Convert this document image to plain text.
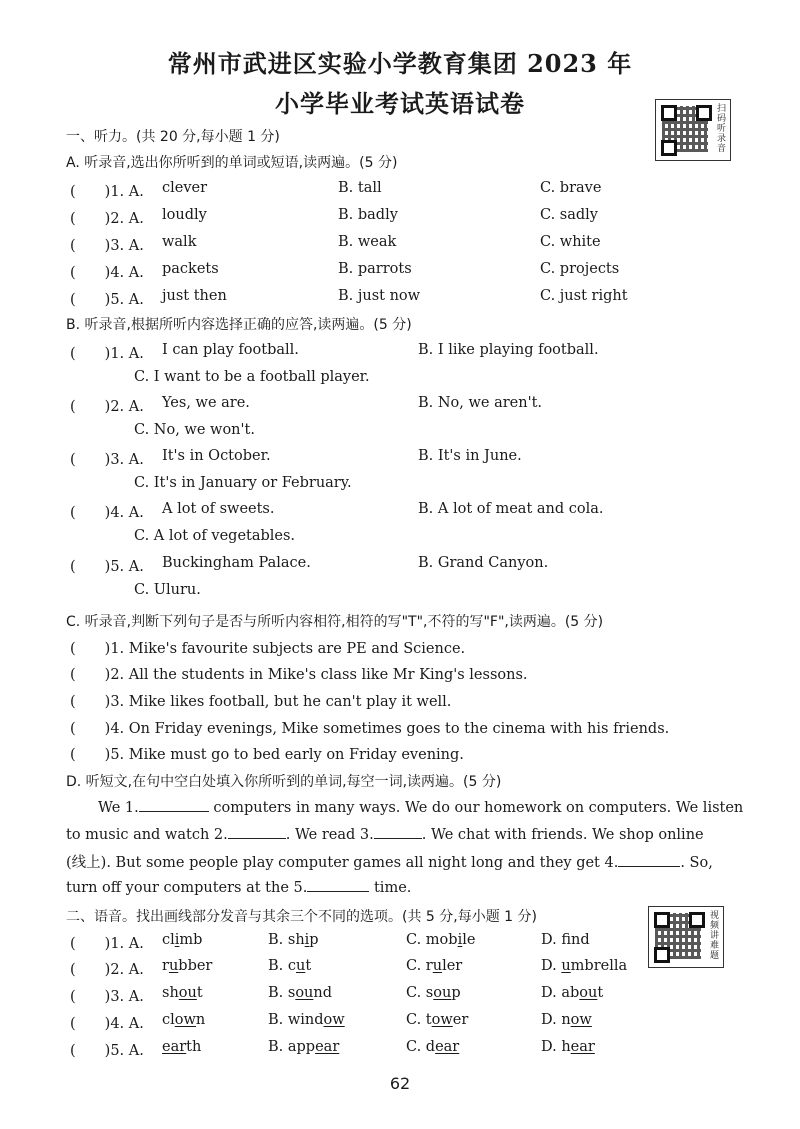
常州市武进区实验小学教育集团 2023 年
小学毕业考试英语试卷	扫码听录音
一、听力。(共 20 分,每小题 1 分)
A. 听录音,选出你所听到的单词或短语,读两遍。(5 分)
(　　)1. A. clever	B. tall	C. brave
(　　)2. A. loudly	B. badly	C. sadly
(　　)3. A. walk	B. weak	C. white
(　　)4. A. packets	B. parrots	C. projects
(　　)5. A. just then	B. just now	C. just right
B. 听录音,根据所听内容选择正确的应答,读两遍。(5 分)
(　　)1. A. I can play football.	B. I like playing football.
C. I want to be a football player.
(　　)2. A. Yes, we are.	B. No, we aren't.
C. No, we won't.
(　　)3. A. It's in October.	B. It's in June.
C. It's in January or February.
(　　)4. A. A lot of sweets.	B. A lot of meat and cola.
C. A lot of vegetables.
(　　)5. A. Buckingham Palace.	B. Grand Canyon.
C. Uluru.
C. 听录音,判断下列句子是否与所听内容相符,相符的写"T",不符的写"F",读两遍。(5 分)
(　　)1. Mike's favourite subjects are PE and Science.
(　　)2. All the students in Mike's class like Mr King's lessons.
(　　)3. Mike likes football, but he can't play it well.
(　　)4. On Friday evenings, Mike sometimes goes to the cinema with his friends.
(　　)5. Mike must go to bed early on Friday evening.
D. 听短文,在句中空白处填入你所听到的单词,每空一词,读两遍。(5 分)
We 1.	computers in many ways. We do our homework on computers. We listen
to music and watch 2.	. We read 3.	. We chat with friends. We shop online
(线上). But some people play computer games all night long and they get 4.	. So,
turn off your computers at the 5.	time.
二、语音。找出画线部分发音与其余三个不同的选项。(共 5 分,每小题 1 分)	视频讲难题
(　　)1. A. climb	B. ship	C. mobile	D. fnd
(　　)2. A. rubber	B. cut	C. ruler	D. umbrella
(　　)3. A. shout	B. sound	C. soup	D. about
(　　)4. A. clown	B. window	C. tower	D. now
(　　)5. A. earth	B. appear	C. dear	D. hear
62
